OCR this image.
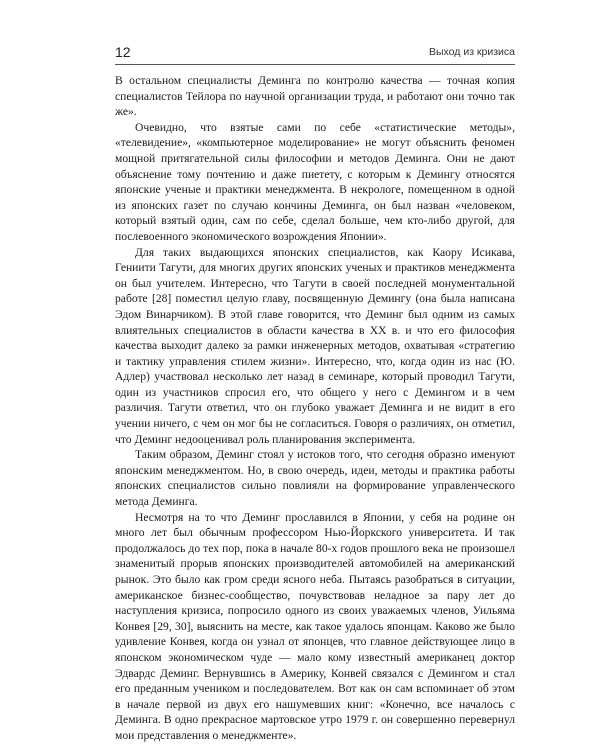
12	Выход из кризиса

В остальном специалисты Деминга по контролю качества — точная копия специалистов Тейлора по научной организации труда, и работают они точно так же».

Очевидно, что взятые сами по себе «статистические методы», «телевидение», «компьютерное моделирование» не могут объяснить феномен мощной притягательной силы философии и методов Деминга. Они не дают объяснение тому почтению и даже пиетету, с которым к Демингу относятся японские ученые и практики менеджмента. В некрологе, помещенном в одной из японских газет по случаю кончины Деминга, он был назван «человеком, который взятый один, сам по себе, сделал больше, чем кто-либо другой, для послевоенного экономического возрождения Японии».

Для таких выдающихся японских специалистов, как Каору Исикава, Гениити Тагути, для многих других японских ученых и практиков менеджмента он был учителем. Интересно, что Тагути в своей последней монументальной работе [28] поместил целую главу, посвященную Демингу (она была написана Эдом Винарчиком). В этой главе говорится, что Деминг был одним из самых влиятельных специалистов в области качества в XX в. и что его философия качества выходит далеко за рамки инженерных методов, охватывая «стратегию и тактику управления стилем жизни». Интересно, что, когда один из нас (Ю. Адлер) участвовал несколько лет назад в семинаре, который проводил Тагути, один из участников спросил его, что общего у него с Демингом и в чем различия. Тагути ответил, что он глубоко уважает Деминга и не видит в его учении ничего, с чем он мог бы не согласиться. Говоря о различиях, он отметил, что Деминг недооценивал роль планирования эксперимента.

Таким образом, Деминг стоял у истоков того, что сегодня образно именуют японским менеджментом. Но, в свою очередь, идеи, методы и практика работы японских специалистов сильно повлияли на формирование управленческого метода Деминга.

Несмотря на то что Деминг прославился в Японии, у себя на родине он много лет был обычным профессором Нью-Йоркского университета. И так продолжалось до тех пор, пока в начале 80-х годов прошлого века не произошел знаменитый прорыв японских производителей автомобилей на американский рынок. Это было как гром среди ясного неба. Пытаясь разобраться в ситуации, американское бизнес-сообщество, почувствовав неладное за пару лет до наступления кризиса, попросило одного из своих уважаемых членов, Уильяма Конвея [29, 30], выяснить на месте, как такое удалось японцам. Каково же было удивление Конвея, когда он узнал от японцев, что главное действующее лицо в японском экономическом чуде — мало кому известный американец доктор Эдвардс Деминг. Вернувшись в Америку, Конвей связался с Демингом и стал его преданным учеником и последователем. Вот как он сам вспоминает об этом в начале первой из двух его нашумевших книг: «Конечно, все началось с Деминга. В одно прекрасное мартовское утро 1979 г. он совершенно перевернул мои представления о менеджменте».
